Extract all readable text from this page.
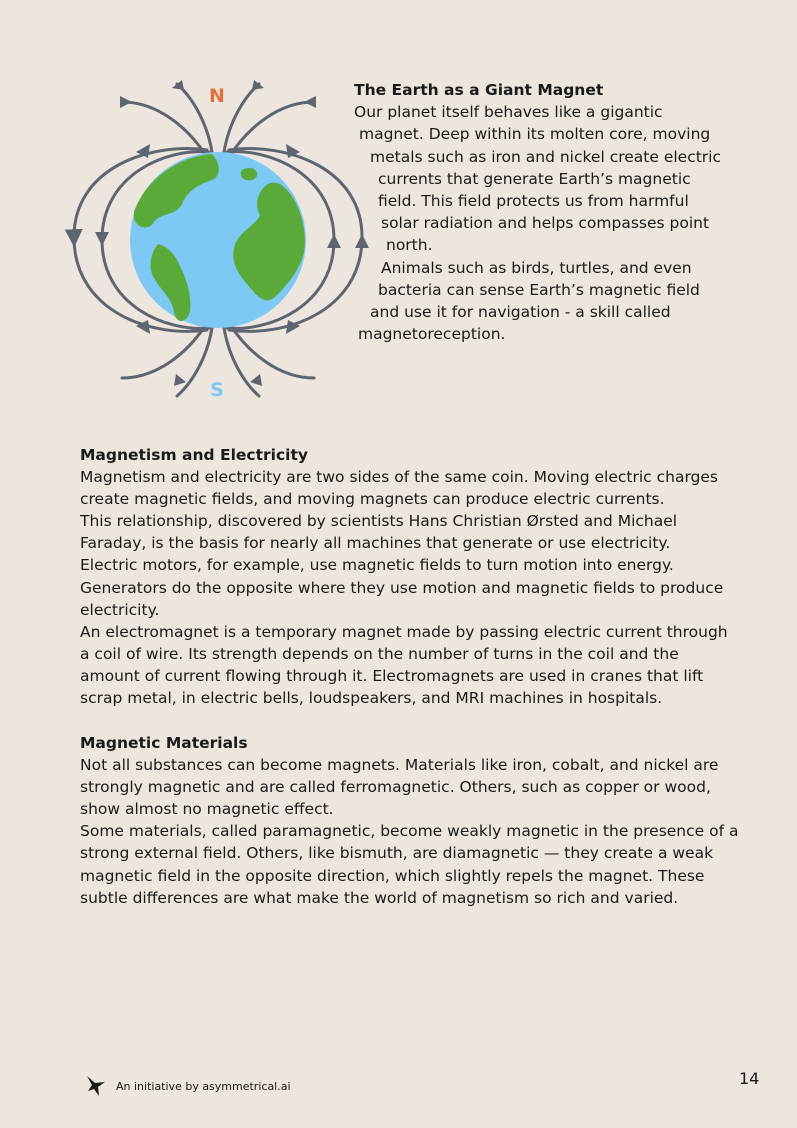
N
S
The Earth as a Giant Magnet
Our planet itself behaves like a gigantic
magnet. Deep within its molten core, moving
metals such as iron and nickel create electric
currents that generate Earth’s magnetic
field. This field protects us from harmful
solar radiation and helps compasses point
north.
Animals such as birds, turtles, and even
bacteria can sense Earth’s magnetic field
and use it for navigation - a skill called
magnetoreception.
Magnetism and Electricity

Magnetism and electricity are two sides of the same coin. Moving electric charges create magnetic fields, and moving magnets can produce electric currents.

This relationship, discovered by scientists Hans Christian Ørsted and Michael Faraday, is the basis for nearly all machines that generate or use electricity.

Electric motors, for example, use magnetic fields to turn motion into energy. Generators do the opposite where they use motion and magnetic fields to produce electricity.

An electromagnet is a temporary magnet made by passing electric current through a coil of wire. Its strength depends on the number of turns in the coil and the amount of current flowing through it. Electromagnets are used in cranes that lift scrap metal, in electric bells, loudspeakers, and MRI machines in hospitals.

Magnetic Materials

Not all substances can become magnets. Materials like iron, cobalt, and nickel are strongly magnetic and are called ferromagnetic. Others, such as copper or wood, show almost no magnetic effect.

Some materials, called paramagnetic, become weakly magnetic in the presence of a strong external field. Others, like bismuth, are diamagnetic — they create a weak magnetic field in the opposite direction, which slightly repels the magnet. These subtle differences are what make the world of magnetism so rich and varied.

An initiative by asymmetrical.ai	14
